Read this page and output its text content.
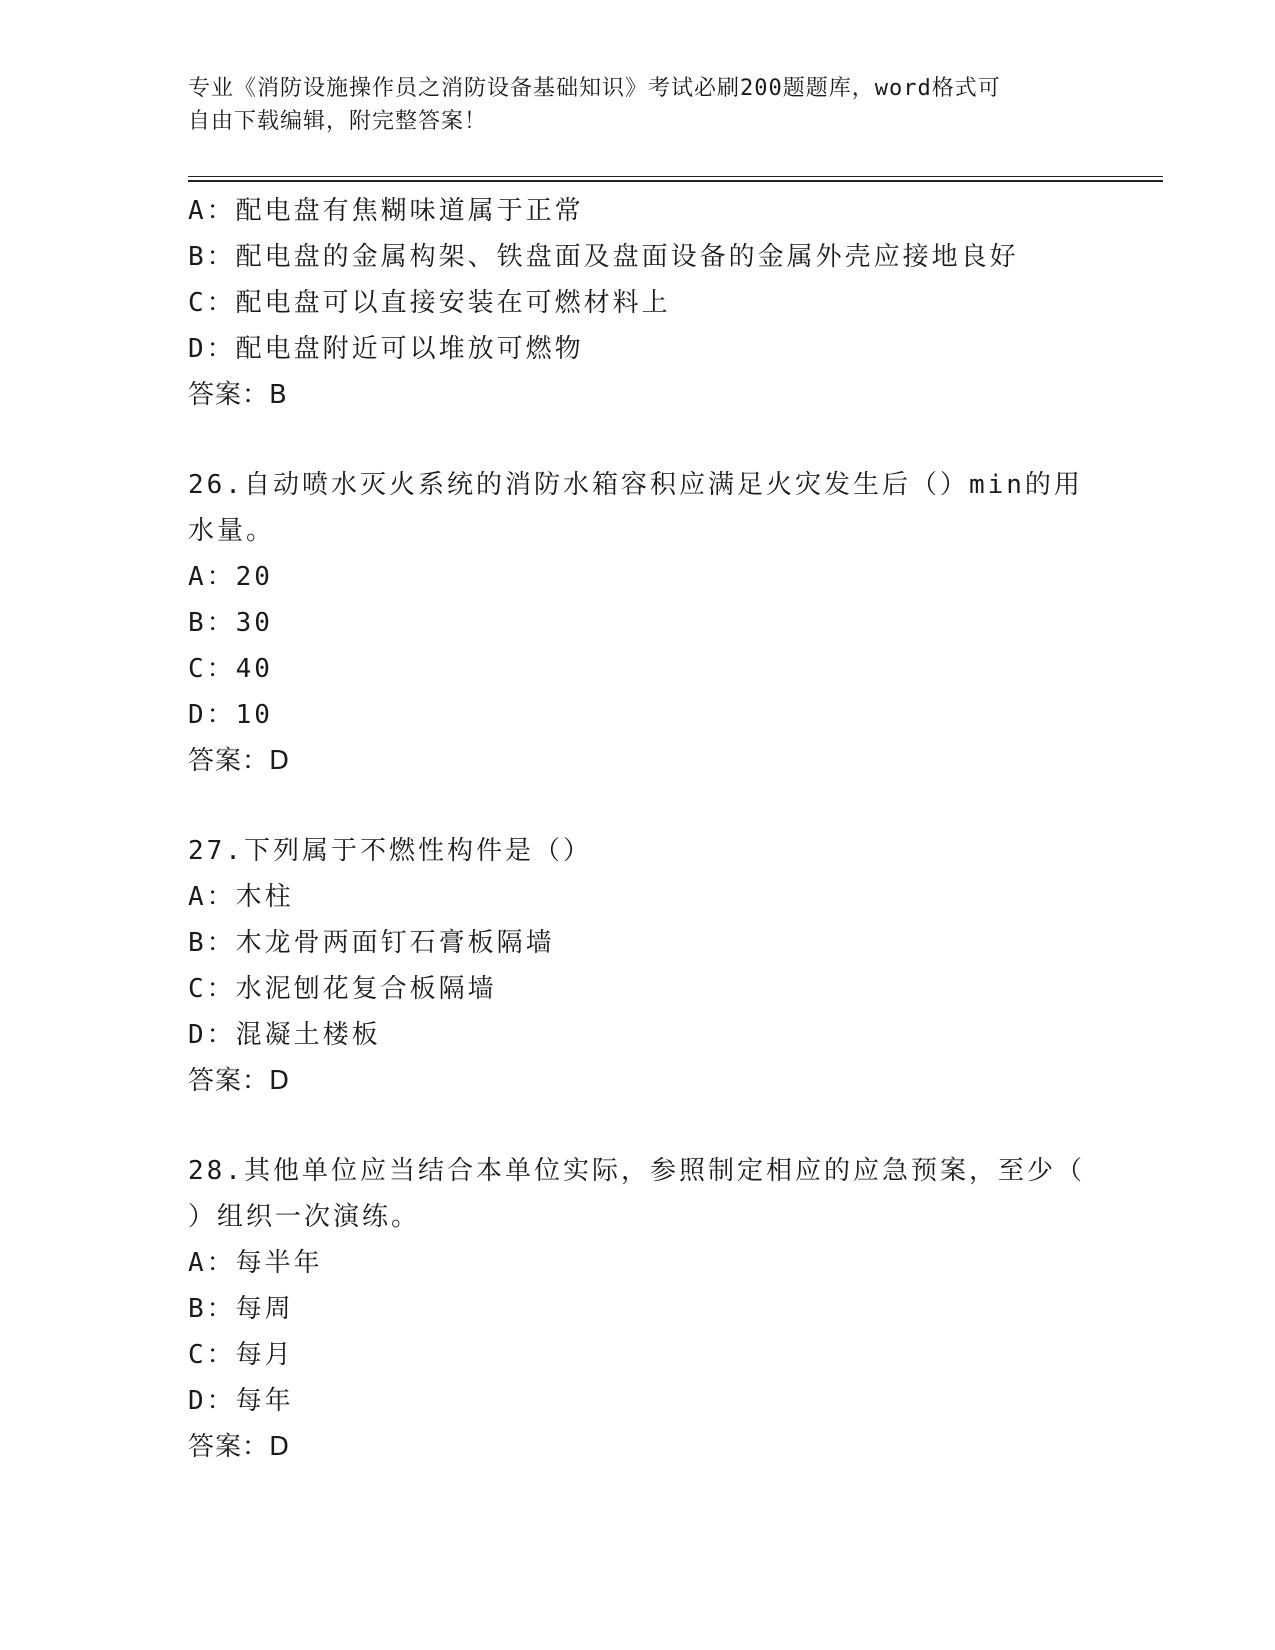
专业《消防设施操作员之消防设备基础知识》考试必刷200题题库，word格式可
自由下载编辑，附完整答案！
A：配电盘有焦糊味道属于正常
B：配电盘的金属构架、铁盘面及盘面设备的金属外壳应接地良好
C：配电盘可以直接安装在可燃材料上
D：配电盘附近可以堆放可燃物
答案：B
26.自动喷水灭火系统的消防水箱容积应满足火灾发生后（）min的用
水量。
A：20
B：30
C：40
D：10
答案：D
27.下列属于不燃性构件是（）
A：木柱
B：木龙骨两面钉石膏板隔墙
C：水泥刨花复合板隔墙
D：混凝土楼板
答案：D
28.其他单位应当结合本单位实际，参照制定相应的应急预案，至少（
）组织一次演练。
A：每半年
B：每周
C：每月
D：每年
答案：D
